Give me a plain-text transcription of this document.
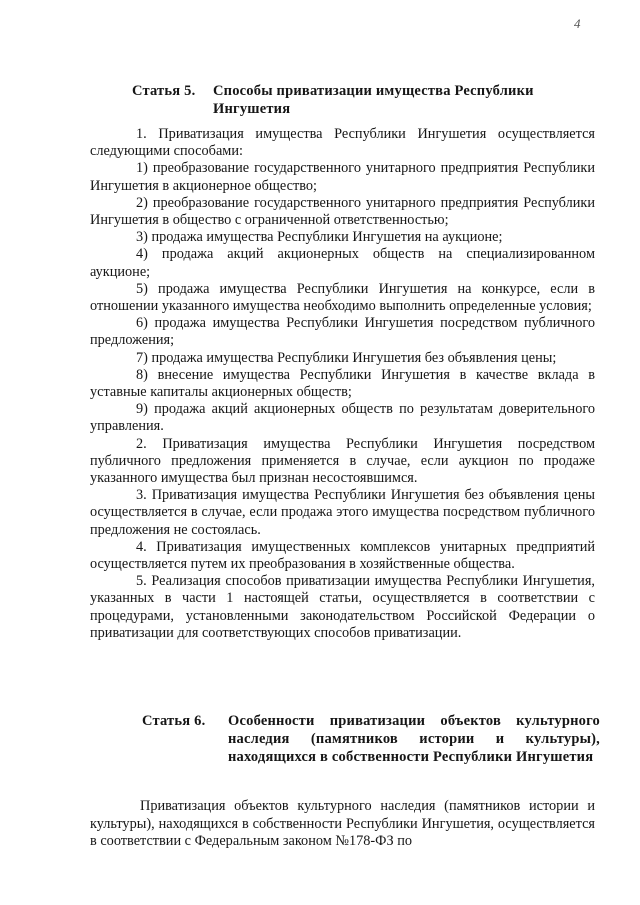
4
Статья 5. Способы приватизации имущества Республики Ингушетия

1. Приватизация имущества Республики Ингушетия осуществляется следующими способами:

1) преобразование государственного унитарного предприятия Республики Ингушетия в акционерное общество;

2) преобразование государственного унитарного предприятия Республики Ингушетия в общество с ограниченной ответственностью;

3) продажа имущества Республики Ингушетия на аукционе;

4) продажа акций акционерных обществ на специализированном аукционе;

5) продажа имущества Республики Ингушетия на конкурсе, если в отношении указанного имущества необходимо выполнить определенные условия;

6) продажа имущества Республики Ингушетия посредством публичного предложения;

7) продажа имущества Республики Ингушетия без объявления цены;

8) внесение имущества Республики Ингушетия в качестве вклада в уставные капиталы акционерных обществ;

9) продажа акций акционерных обществ по результатам доверительного управления.

2. Приватизация имущества Республики Ингушетия посредством публичного предложения применяется в случае, если аукцион по продаже указанного имущества был признан несостоявшимся.

3. Приватизация имущества Республики Ингушетия без объявления цены осуществляется в случае, если продажа этого имущества посредством публичного предложения не состоялась.

4. Приватизация имущественных комплексов унитарных предприятий осуществляется путем их преобразования в хозяйственные общества.

5. Реализация способов приватизации имущества Республики Ингушетия, указанных в части 1 настоящей статьи, осуществляется в соответствии с процедурами, установленными законодательством Российской Федерации о приватизации для соответствующих способов приватизации.

Статья 6. Особенности приватизации объектов культурного наследия (памятников истории и культуры), находящихся в собственности Республики Ингушетия

Приватизация объектов культурного наследия (памятников истории и культуры), находящихся в собственности Республики Ингушетия, осуществляется в соответствии с Федеральным законом №178-ФЗ по
